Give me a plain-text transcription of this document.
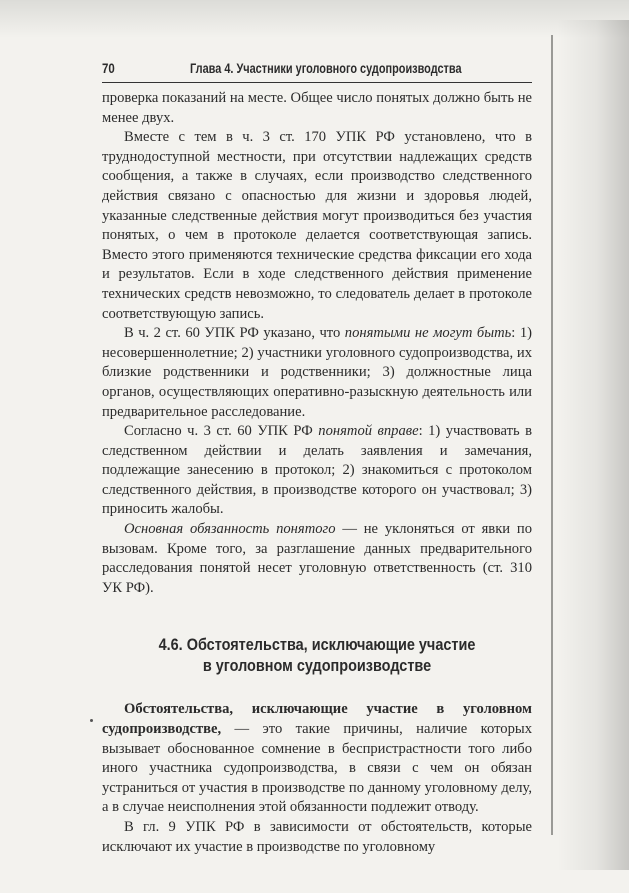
70	Глава 4. Участники уголовного судопроизводства

проверка показаний на месте. Общее число понятых должно быть не менее двух.

Вместе с тем в ч. 3 ст. 170 УПК РФ установлено, что в труднодоступной местности, при отсутствии надлежащих средств сообщения, а также в случаях, если производство следственного действия связано с опасностью для жизни и здоровья людей, указанные следственные действия могут производиться без участия понятых, о чем в протоколе делается соответствующая запись. Вместо этого применяются технические средства фиксации его хода и результатов. Если в ходе следственного действия применение технических средств невозможно, то следователь делает в протоколе соответствующую запись.

В ч. 2 ст. 60 УПК РФ указано, что понятыми не могут быть: 1) несовершеннолетние; 2) участники уголовного судопроизводства, их близкие родственники и родственники; 3) должностные лица органов, осуществляющих оперативно-разыскную деятельность или предварительное расследование.

Согласно ч. 3 ст. 60 УПК РФ понятой вправе: 1) участвовать в следственном действии и делать заявления и замечания, подлежащие занесению в протокол; 2) знакомиться с протоколом следственного действия, в производстве которого он участвовал; 3) приносить жалобы.

Основная обязанность понятого — не уклоняться от явки по вызовам. Кроме того, за разглашение данных предварительного расследования понятой несет уголовную ответственность (ст. 310 УК РФ).

4.6. Обстоятельства, исключающие участие
в уголовном судопроизводстве

Обстоятельства, исключающие участие в уголовном судопроизводстве, — это такие причины, наличие которых вызывает обоснованное сомнение в беспристрастности того либо иного участника судопроизводства, в связи с чем он обязан устраниться от участия в производстве по данному уголовному делу, а в случае неисполнения этой обязанности подлежит отводу.

В гл. 9 УПК РФ в зависимости от обстоятельств, которые исключают их участие в производстве по уголовному
